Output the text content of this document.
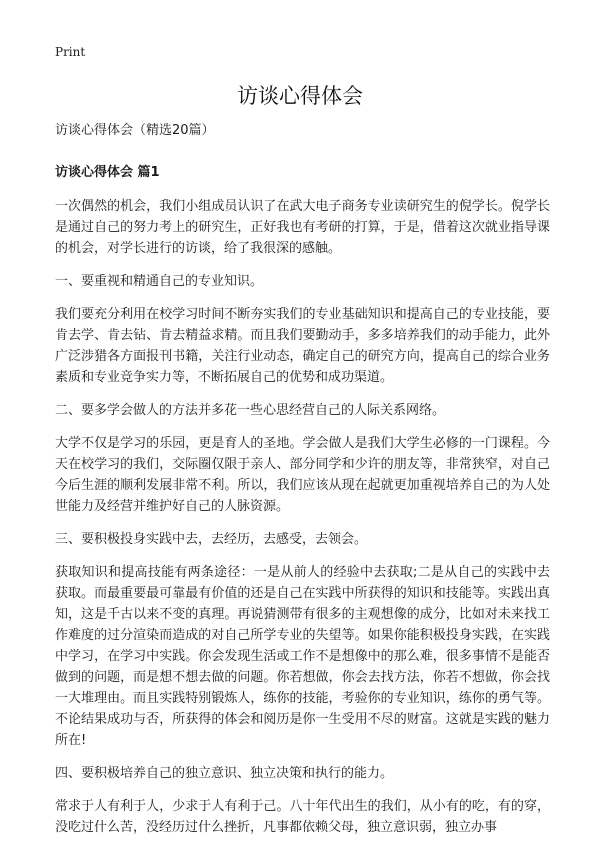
Print
访谈心得体会

访谈心得体会（精选20篇）

访谈心得体会 篇1

一次偶然的机会，我们小组成员认识了在武大电子商务专业读研究生的倪学长。倪学长是通过自己的努力考上的研究生，正好我也有考研的打算，于是，借着这次就业指导课的机会，对学长进行的访谈，给了我很深的感触。

一、要重视和精通自己的专业知识。

我们要充分利用在校学习时间不断夯实我们的专业基础知识和提高自己的专业技能，要肯去学、肯去钻、肯去精益求精。而且我们要勤动手，多多培养我们的动手能力，此外广泛涉猎各方面报刊书籍，关注行业动态，确定自己的研究方向，提高自己的综合业务素质和专业竞争实力等，不断拓展自己的优势和成功渠道。

二、要多学会做人的方法并多花一些心思经营自己的人际关系网络。

大学不仅是学习的乐园，更是育人的圣地。学会做人是我们大学生必修的一门课程。今天在校学习的我们，交际圈仅限于亲人、部分同学和少许的朋友等，非常狭窄，对自己今后生涯的顺利发展非常不利。所以，我们应该从现在起就更加重视培养自己的为人处世能力及经营并维护好自己的人脉资源。

三、要积极投身实践中去，去经历，去感受，去领会。

获取知识和提高技能有两条途径：一是从前人的经验中去获取;二是从自己的实践中去获取。而最重要最可靠最有价值的还是自己在实践中所获得的知识和技能等。实践出真知，这是千古以来不变的真理。再说猜测带有很多的主观想像的成分，比如对未来找工作难度的过分渲染而造成的对自己所学专业的失望等。如果你能积极投身实践，在实践中学习，在学习中实践。你会发现生活或工作不是想像中的那么难，很多事情不是能否做到的问题，而是想不想去做的问题。你若想做，你会去找方法，你若不想做，你会找一大堆理由。而且实践特别锻炼人，练你的技能，考验你的专业知识，练你的勇气等。不论结果成功与否，所获得的体会和阅历是你一生受用不尽的财富。这就是实践的魅力所在!

四、要积极培养自己的独立意识、独立决策和执行的能力。

常求于人有利于人，少求于人有利于己。八十年代出生的我们，从小有的吃，有的穿，没吃过什么苦，没经历过什么挫折，凡事都依赖父母，独立意识弱，独立办事
